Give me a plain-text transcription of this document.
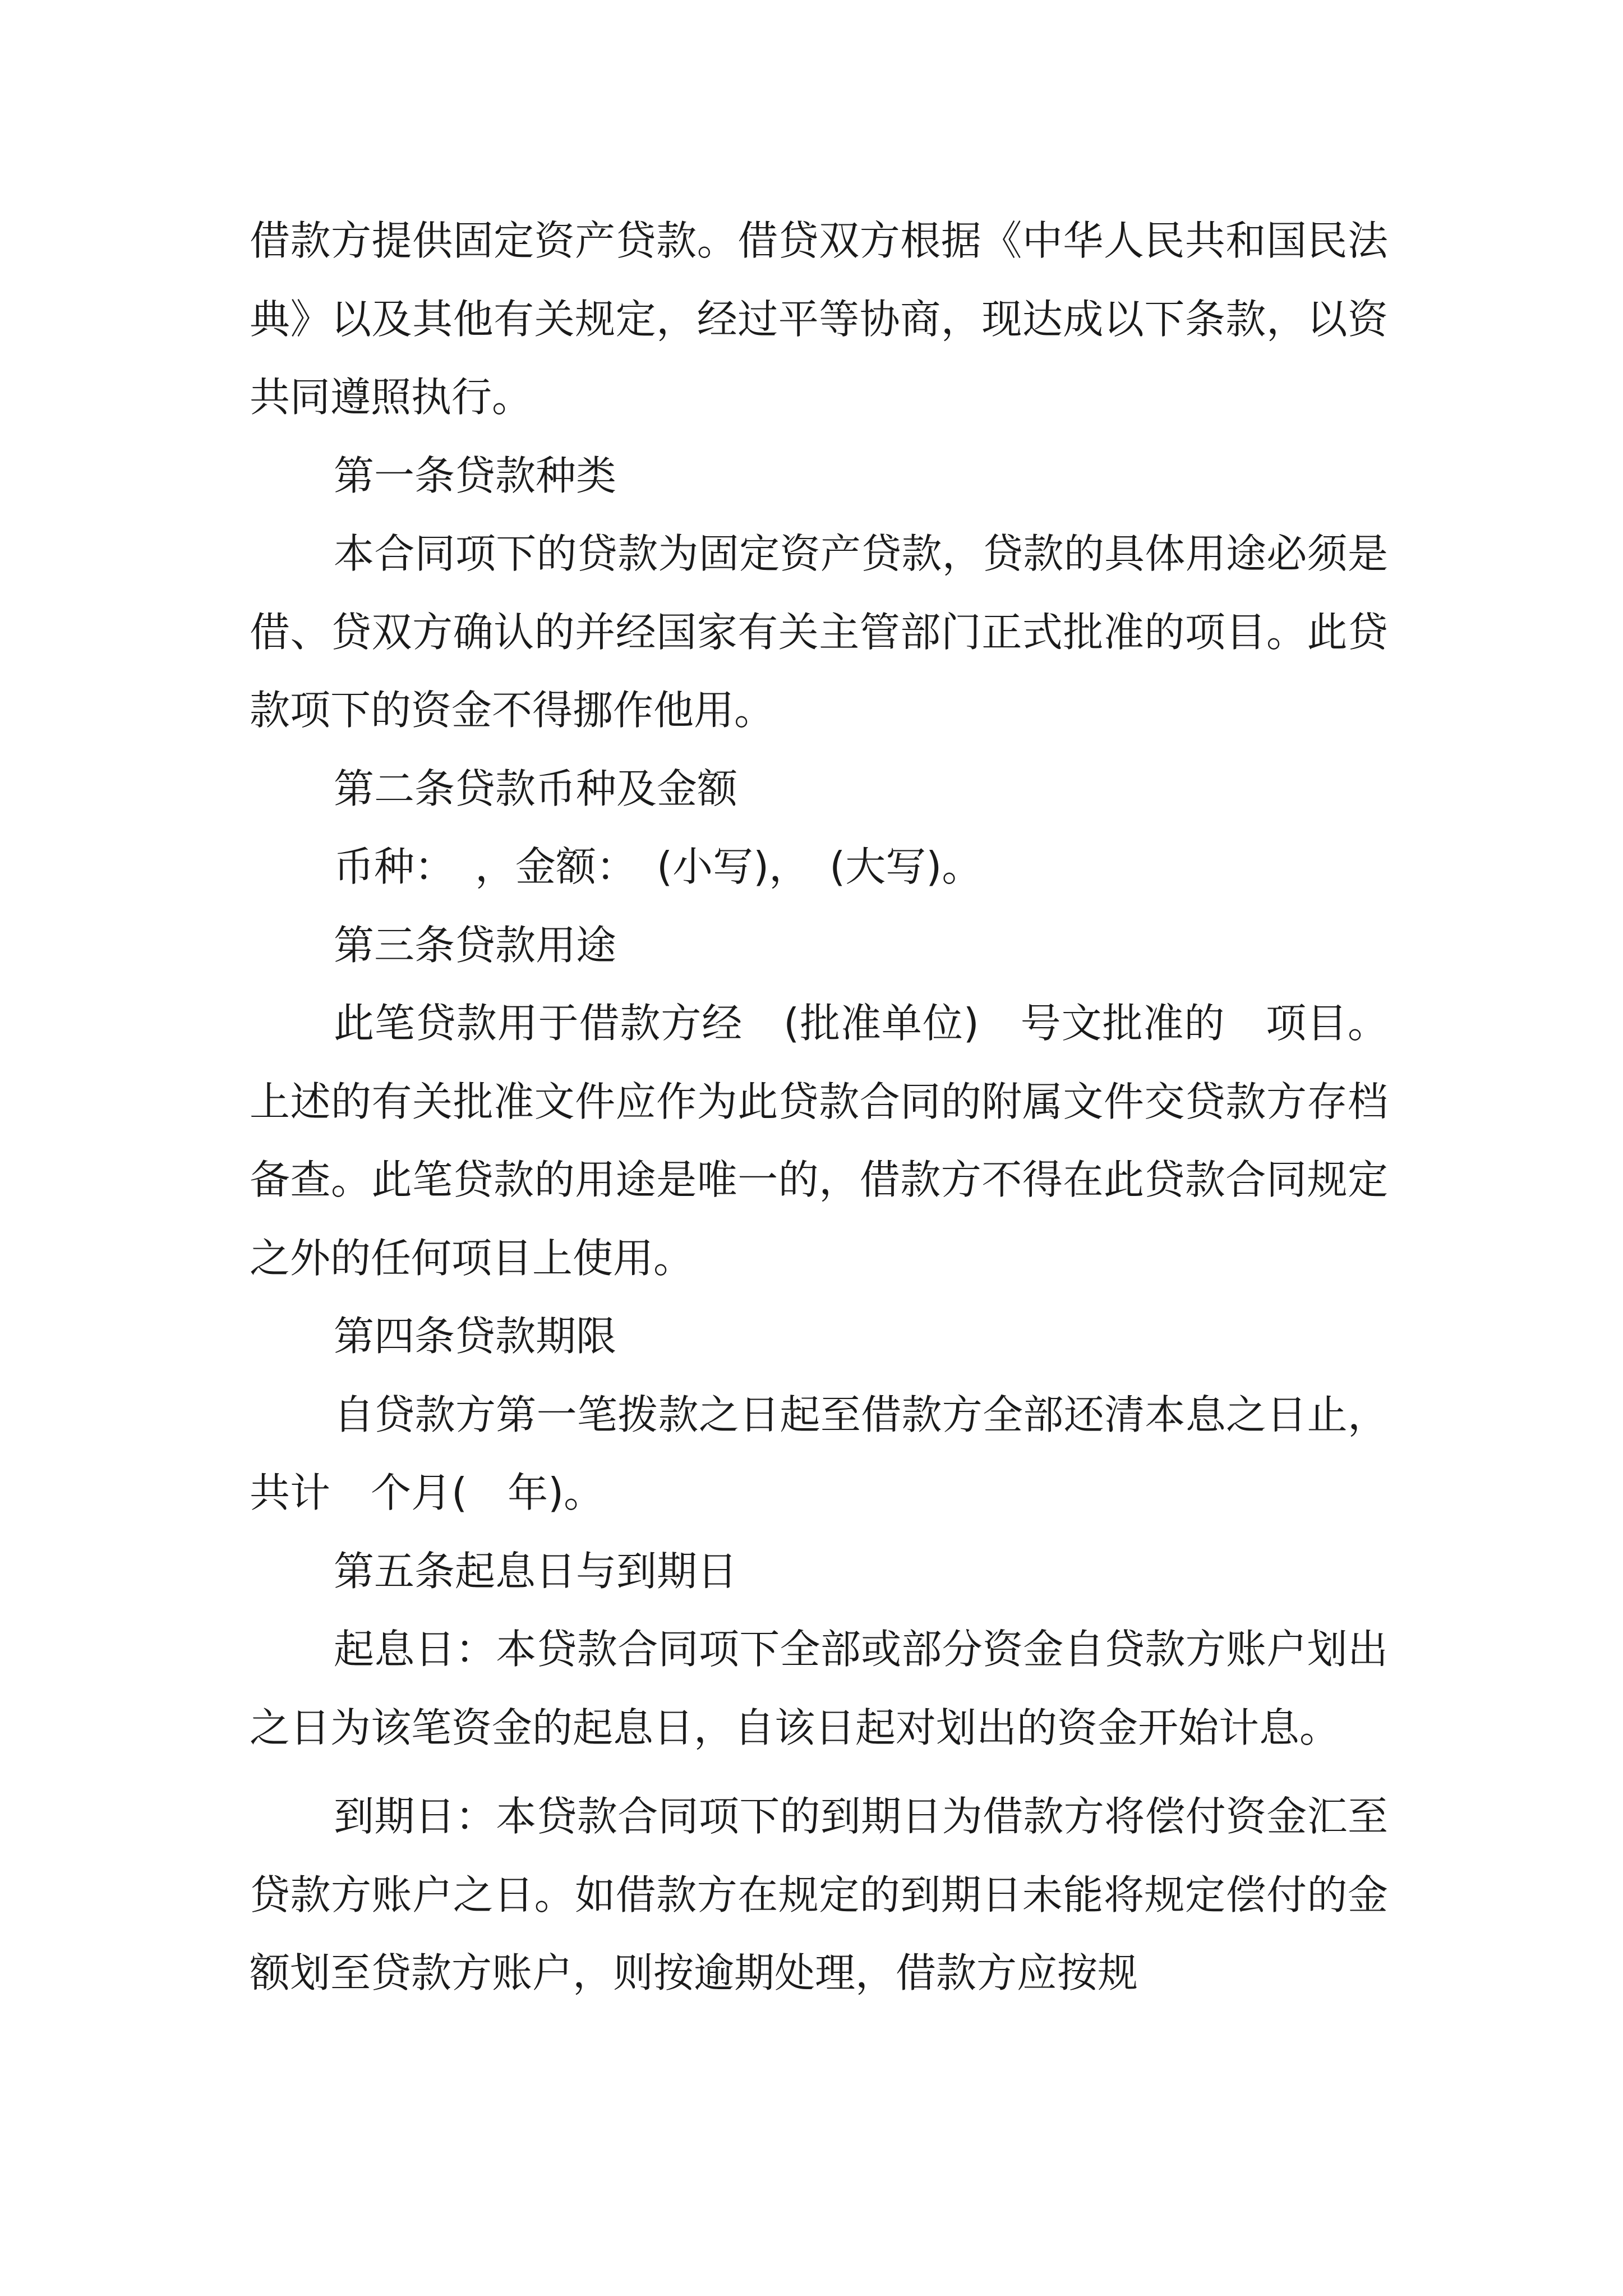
借款方提供固定资产贷款。借贷双方根据《中华人民共和国民法典》以及其他有关规定，经过平等协商，现达成以下条款，以资共同遵照执行。

第一条贷款种类

本合同项下的贷款为固定资产贷款，贷款的具体用途必须是借、贷双方确认的并经国家有关主管部门正式批准的项目。此贷款项下的资金不得挪作他用。

第二条贷款币种及金额

币种：　，金额：　(小写)，　(大写)。

第三条贷款用途

此笔贷款用于借款方经　(批准单位)　号文批准的　项目。上述的有关批准文件应作为此贷款合同的附属文件交贷款方存档备查。此笔贷款的用途是唯一的，借款方不得在此贷款合同规定之外的任何项目上使用。

第四条贷款期限

自贷款方第一笔拨款之日起至借款方全部还清本息之日止，共计　个月(　年)。

第五条起息日与到期日

起息日：本贷款合同项下全部或部分资金自贷款方账户划出之日为该笔资金的起息日，自该日起对划出的资金开始计息。

到期日：本贷款合同项下的到期日为借款方将偿付资金汇至贷款方账户之日。如借款方在规定的到期日未能将规定偿付的金额划至贷款方账户，则按逾期处理，借款方应按规
